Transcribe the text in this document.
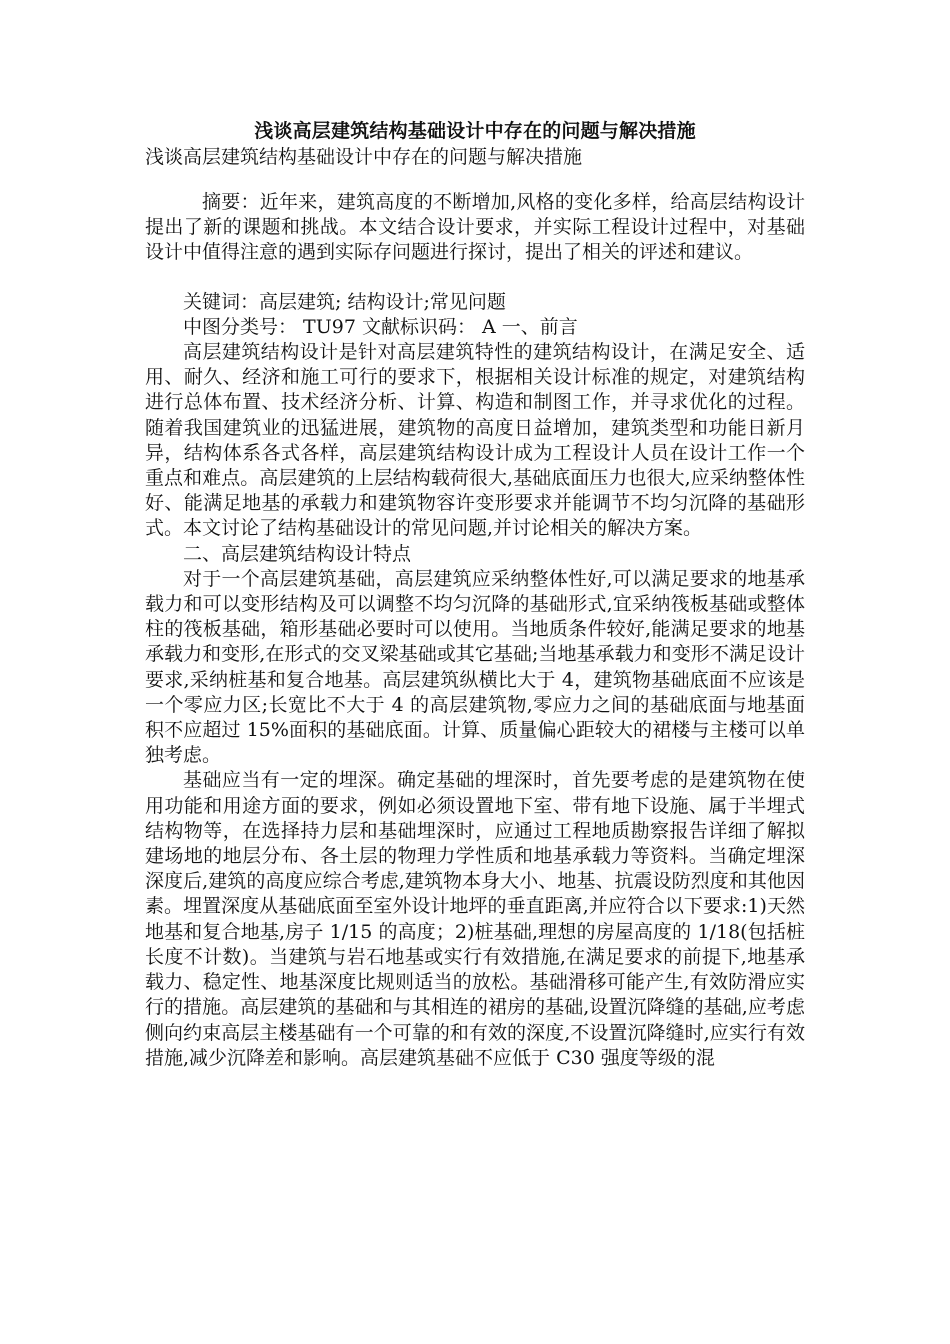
浅谈高层建筑结构基础设计中存在的问题与解决措施
浅谈高层建筑结构基础设计中存在的问题与解决措施

摘要：近年来，建筑高度的不断增加,风格的变化多样，给高层结构设计提出了新的课题和挑战。本文结合设计要求，并实际工程设计过程中，对基础设计中值得注意的遇到实际存问题进行探讨，提出了相关的评述和建议。

关键词：高层建筑; 结构设计;常见问题

中图分类号： TU97 文献标识码： A 一、前言

高层建筑结构设计是针对高层建筑特性的建筑结构设计，在满足安全、适用、耐久、经济和施工可行的要求下，根据相关设计标准的规定，对建筑结构进行总体布置、技术经济分析、计算、构造和制图工作，并寻求优化的过程。随着我国建筑业的迅猛进展，建筑物的高度日益增加，建筑类型和功能日新月异，结构体系各式各样，高层建筑结构设计成为工程设计人员在设计工作一个重点和难点。高层建筑的上层结构载荷很大,基础底面压力也很大,应采纳整体性好、能满足地基的承载力和建筑物容许变形要求并能调节不均匀沉降的基础形式。本文讨论了结构基础设计的常见问题,并讨论相关的解决方案。

二、高层建筑结构设计特点

对于一个高层建筑基础，高层建筑应采纳整体性好,可以满足要求的地基承载力和可以变形结构及可以调整不均匀沉降的基础形式,宜采纳筏板基础或整体柱的筏板基础，箱形基础必要时可以使用。当地质条件较好,能满足要求的地基承载力和变形,在形式的交叉梁基础或其它基础;当地基承载力和变形不满足设计要求,采纳桩基和复合地基。高层建筑纵横比大于 4，建筑物基础底面不应该是一个零应力区;长宽比不大于 4 的高层建筑物,零应力之间的基础底面与地基面积不应超过 15%面积的基础底面。计算、质量偏心距较大的裙楼与主楼可以单独考虑。

基础应当有一定的埋深。确定基础的埋深时，首先要考虑的是建筑物在使用功能和用途方面的要求，例如必须设置地下室、带有地下设施、属于半埋式结构物等，在选择持力层和基础埋深时，应通过工程地质勘察报告详细了解拟建场地的地层分布、各土层的物理力学性质和地基承载力等资料。当确定埋深深度后,建筑的高度应综合考虑,建筑物本身大小、地基、抗震设防烈度和其他因素。埋置深度从基础底面至室外设计地坪的垂直距离,并应符合以下要求:1)天然地基和复合地基,房子 1/15 的高度；2)桩基础,理想的房屋高度的 1/18(包括桩长度不计数)。当建筑与岩石地基或实行有效措施,在满足要求的前提下,地基承载力、稳定性、地基深度比规则适当的放松。基础滑移可能产生,有效防滑应实行的措施。高层建筑的基础和与其相连的裙房的基础,设置沉降缝的基础,应考虑侧向约束高层主楼基础有一个可靠的和有效的深度,不设置沉降缝时,应实行有效措施,减少沉降差和影响。高层建筑基础不应低于 C30 强度等级的混
